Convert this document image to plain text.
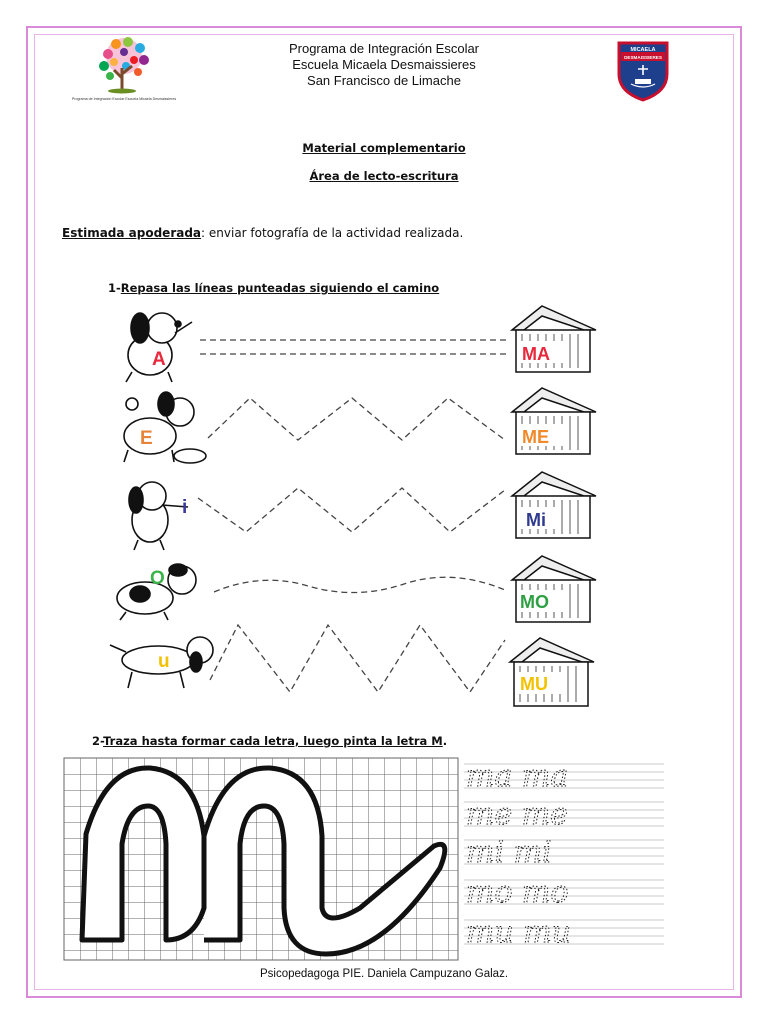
Programa de Integración Escolar Escuela Micaela Desmaissieres
MICAELA
DESMAISSIERES
Programa de Integración Escolar
Escuela Micaela Desmaissieres
San Francisco de Limache
Material complementario
Área de lecto-escritura
Estimada apoderada: enviar fotografía de la actividad realizada.
1-Repasa las líneas punteadas siguiendo el camino
A
E
i
O
u
MA
ME
Mi
MO
MU
2-Traza hasta formar cada letra, luego pinta la letra M.
ma ma
me me
mi mi
mo mo
mu mu
Psicopedagoga PIE. Daniela Campuzano Galaz.
